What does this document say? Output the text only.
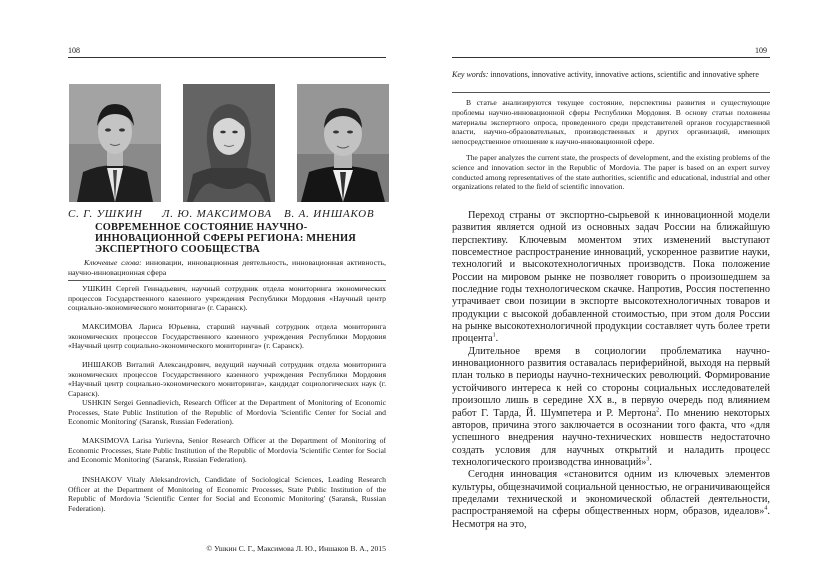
108
С. Г. УШКИН Л. Ю. МАКСИМОВА В. А. ИНШАКОВ
СОВРЕМЕННОЕ СОСТОЯНИЕ НАУЧНО-ИННОВАЦИОННОЙ СФЕРЫ РЕГИОНА: МНЕНИЯ ЭКСПЕРТНОГО СООБЩЕСТВА
Ключевые слова: инновации, инновационная деятельность, инновационная активность, научно-инновационная сфера
УШКИН Сергей Геннадьевич, научный сотрудник отдела мониторинга экономических процессов Государственного казенного учреждения Республики Мордовия «Научный центр социально-экономического мониторинга» (г. Саранск).
МАКСИМОВА Лариса Юрьевна, старший научный сотрудник отдела мониторинга экономических процессов Государственного казенного учреждения Республики Мордовия «Научный центр социально-экономического мониторинга» (г. Саранск).
ИНШАКОВ Виталий Александрович, ведущий научный сотрудник отдела мониторинга экономических процессов Государственного казенного учреждения Республики Мордовия «Научный центр социально-экономического мониторинга», кандидат социологических наук (г. Саранск).
USHKIN Sergei Gennadievich, Research Officer at the Department of Monitoring of Economic Processes, State Public Institution of the Republic of Mordovia 'Scientific Center for Social and Economic Monitoring' (Saransk, Russian Federation).
MAKSIMOVA Larisa Yurievna, Senior Research Officer at the Department of Monitoring of Economic Processes, State Public Institution of the Republic of Mordovia 'Scientific Center for Social and Economic Monitoring' (Saransk, Russian Federation).
INSHAKOV Vitaly Aleksandrovich, Candidate of Sociological Sciences, Leading Research Officer at the Department of Monitoring of Economic Processes, State Public Institution of the Republic of Mordovia 'Scientific Center for Social and Economic Monitoring' (Saransk, Russian Federation).
© Ушкин С. Г., Максимова Л. Ю., Иншаков В. А., 2015
109
Key words: innovations, innovative activity, innovative actions, scientific and innovative sphere
В статье анализируются текущее состояние, перспективы развития и существующие проблемы научно-инновационной сферы Республики Мордовия. В основу статьи положены материалы экспертного опроса, проведенного среди представителей органов государственной власти, научно-образовательных, производственных и других организаций, имеющих непосредственное отношение к научно-инновационной сфере.
The paper analyzes the current state, the prospects of development, and the existing problems of the science and innovation sector in the Republic of Mordovia. The paper is based on an expert survey conducted among representatives of the state authorities, scientific and educational, industrial and other organizations related to the field of scientific innovation.

Переход страны от экспортно-сырьевой к инновационной модели развития является одной из основных задач России на ближайшую перспективу. Ключевым моментом этих изменений выступают повсеместное распространение инноваций, ускоренное развитие науки, технологий и высокотехнологичных производств. Пока положение России на мировом рынке не позволяет говорить о произошедшем за последние годы технологическом скачке. Напротив, Россия постепенно утрачивает свои позиции в экспорте высокотехнологичных товаров и продукции с высокой добавленной стоимостью, при этом доля России на рынке высокотехнологичной продукции составляет чуть более трети процента$^1$.

Длительное время в социологии проблематика научно-инновационного развития оставалась периферийной, выходя на первый план только в периоды научно-технических революций. Формирование устойчивого интереса к ней со стороны социальных исследователей произошло лишь в середине XX в., в первую очередь под влиянием работ Г. Тарда, Й. Шумпетера и Р. Мертона$^2$. По мнению некоторых авторов, причина этого заключается в осознании того факта, что «для успешного внедрения научно-технических новшеств недостаточно создать условия для научных открытий и наладить процесс технологического производства инноваций»$^3$.

Сегодня инновация «становится одним из ключевых элементов культуры, общезначимой социальной ценностью, не ограничивающейся пределами технической и экономической областей деятельности, распространяемой на сферы общественных норм, образов, идеалов»$^4$. Несмотря на это,
